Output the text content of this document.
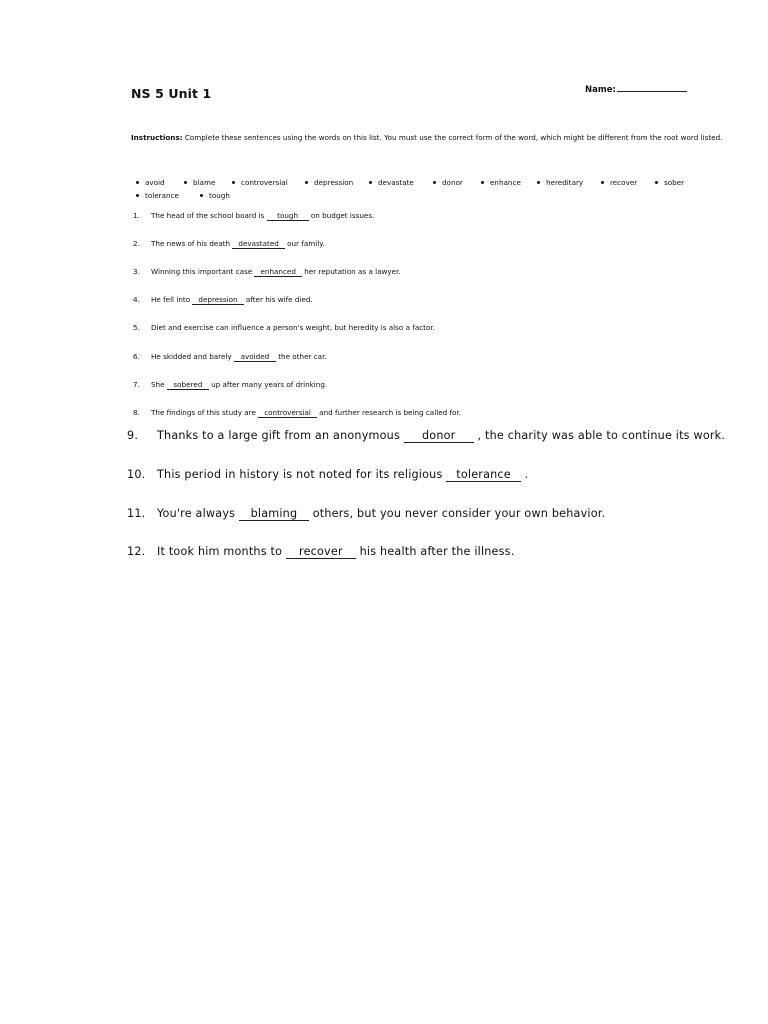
NS 5 Unit 1	Name:
Instructions: Complete these sentences using the words on this list. You must use the correct form of the word, which might be different from the root word listed.
avoid	blame	controversial	depression	devastate	donor	enhance	hereditary	recover	sober
tolerance	tough
1. The head of the school board is tough on budget issues.
2. The news of his death devastated our family.
3. Winning this important case enhanced her reputation as a lawyer.
4. He fell into depression after his wife died.
5. Diet and exercise can influence a person's weight, but heredity is also a factor.
6. He skidded and barely avoided the other car.
7. She sobered up after many years of drinking.
8. The findings of this study are controversial and further research is being called for.
9. Thanks to a large gift from an anonymous donor , the charity was able to continue its work.
10. This period in history is not noted for its religious tolerance .
11. You're always blaming others, but you never consider your own behavior.
12. It took him months to recover his health after the illness.
